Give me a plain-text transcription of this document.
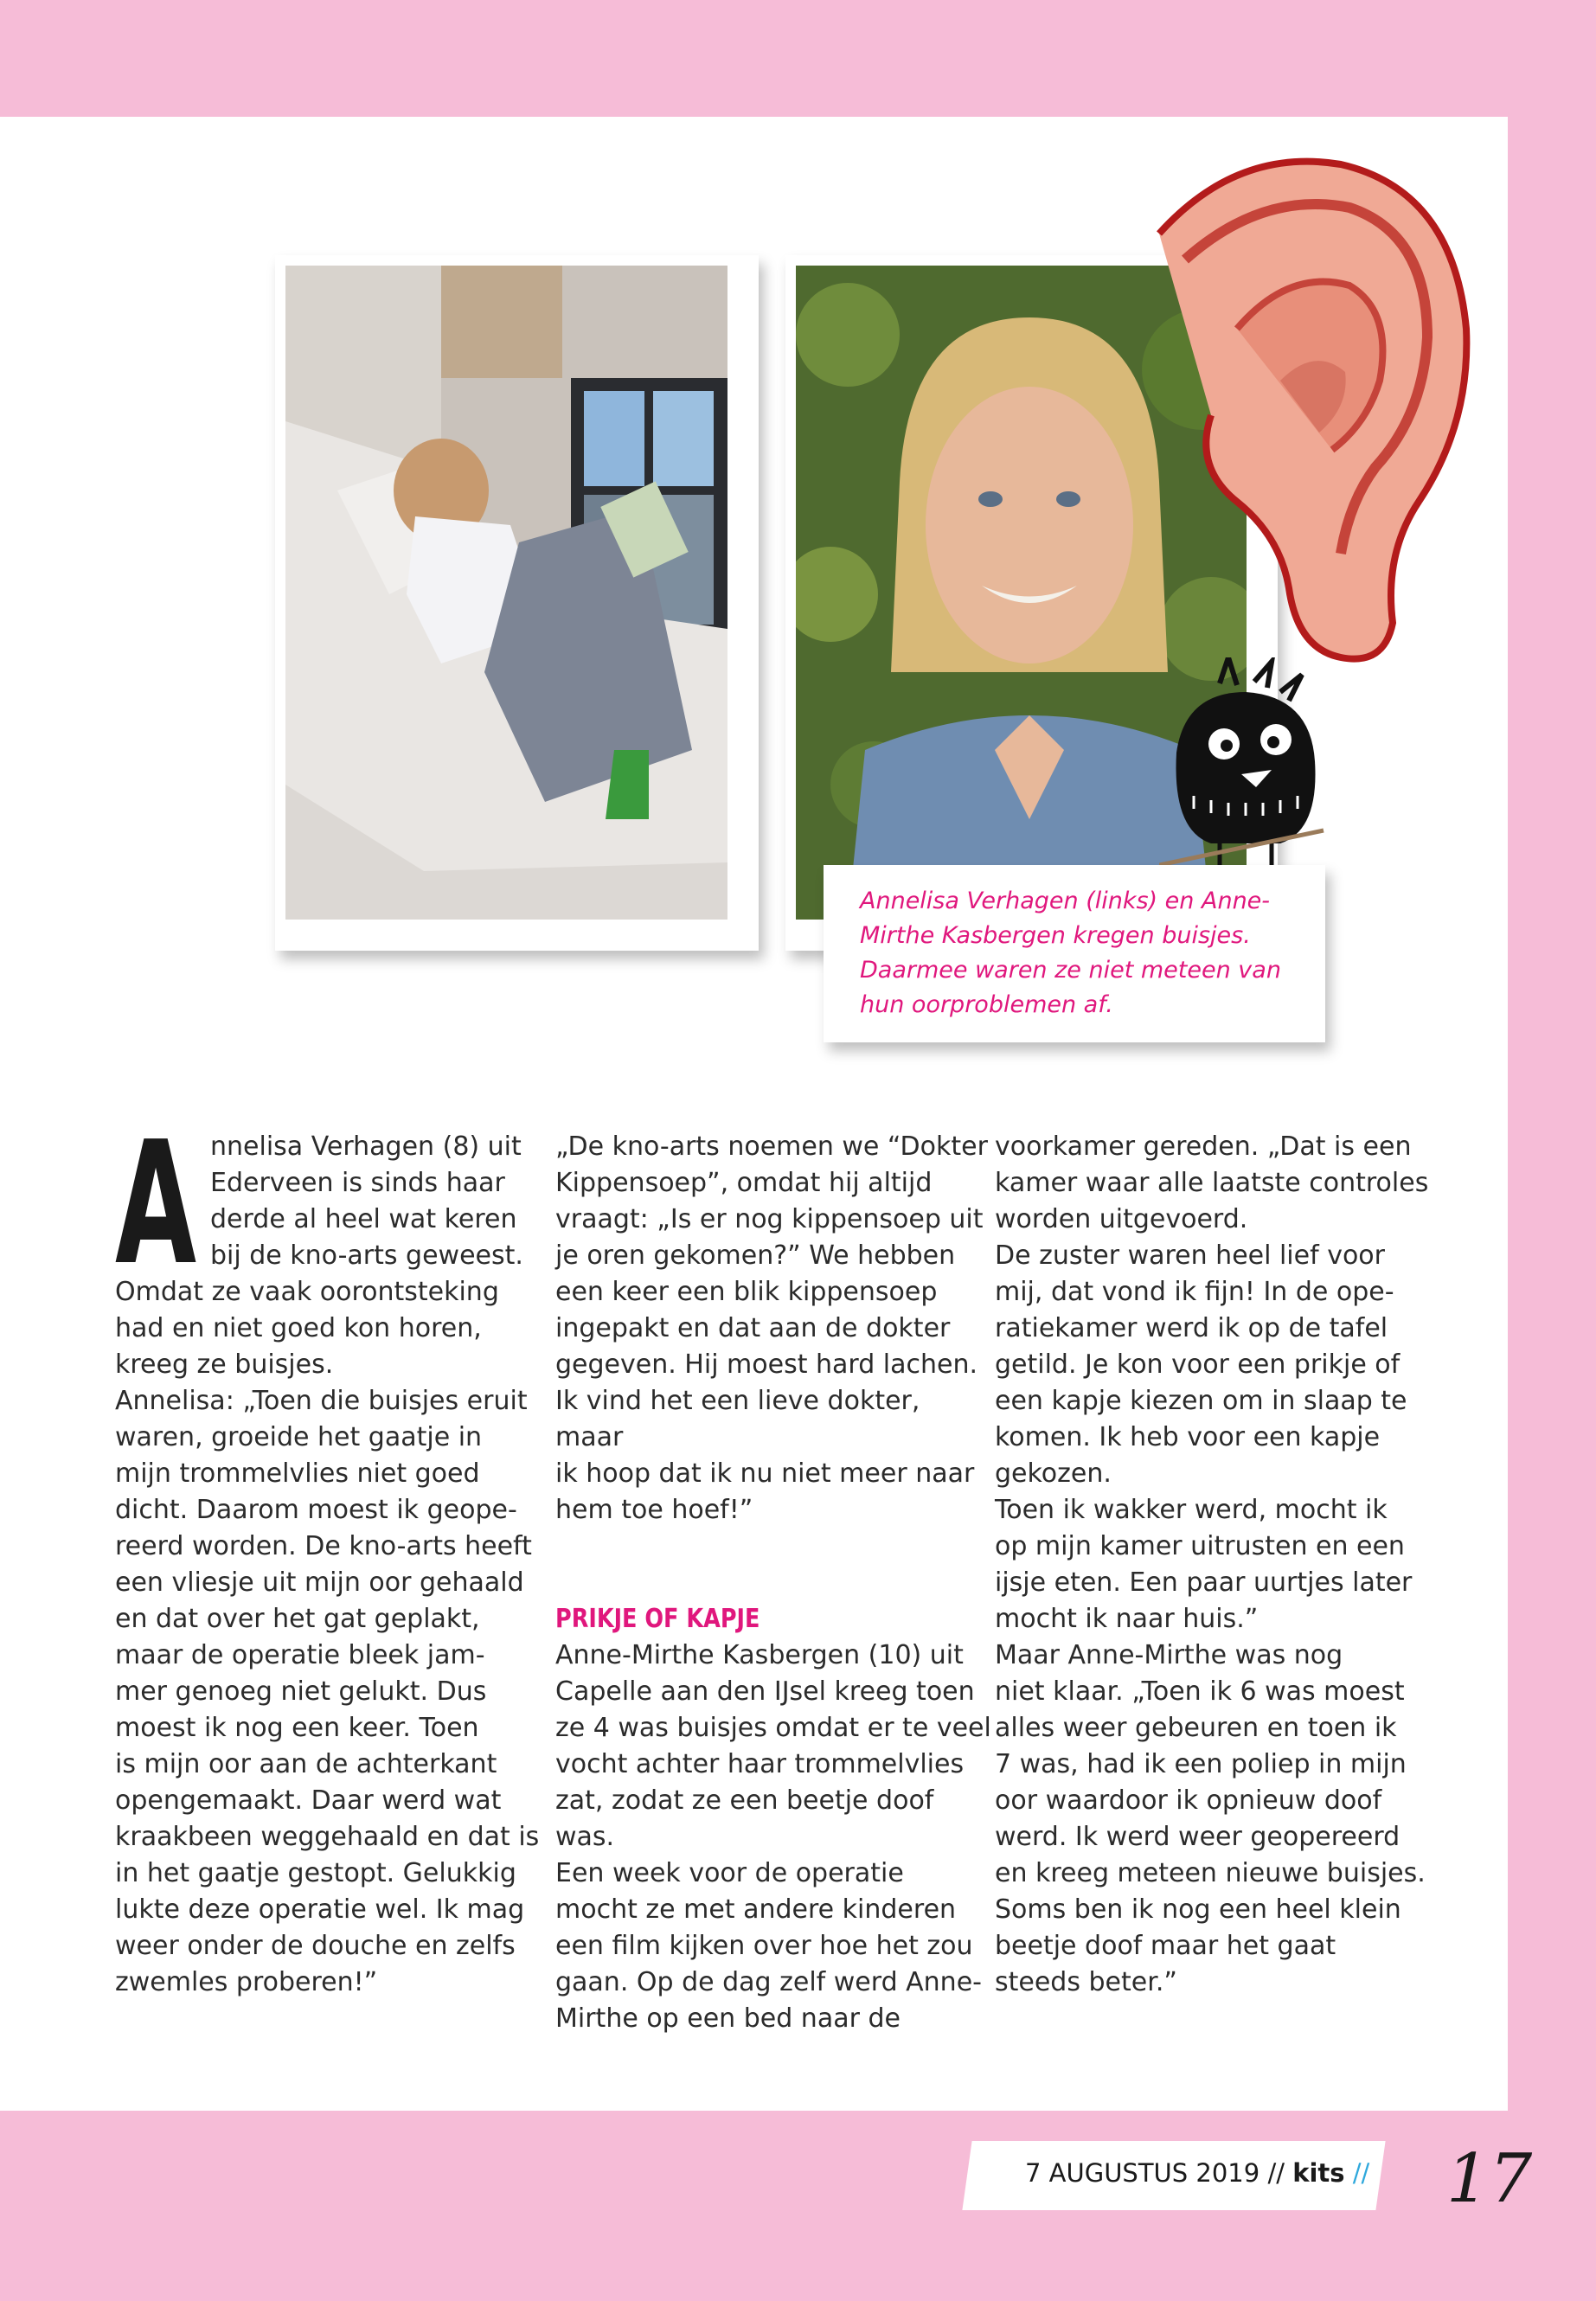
Annelisa Verhagen (links) en Anne-
Mirthe Kasbergen kregen buisjes.
Daarmee waren ze niet meteen van
hun oorproblemen af.
A nnelisa Verhagen (8) uit

Ederveen is sinds haar

derde al heel wat keren

bij de kno-arts geweest.

Omdat ze vaak oorontsteking

had en niet goed kon horen,

kreeg ze buisjes.

Annelisa: „Toen die buisjes eruit

waren, groeide het gaatje in

mijn trommelvlies niet goed

dicht. Daarom moest ik geope-

reerd worden. De kno-arts heeft

een vliesje uit mijn oor gehaald

en dat over het gat geplakt,

maar de operatie bleek jam-

mer genoeg niet gelukt. Dus

moest ik nog een keer. Toen

is mijn oor aan de achterkant

opengemaakt. Daar werd wat

kraakbeen weggehaald en dat is

in het gaatje gestopt. Gelukkig

lukte deze operatie wel. Ik mag

weer onder de douche en zelfs

zwemles proberen!”

„De kno-arts noemen we “Dokter

Kippensoep”, omdat hij altijd

vraagt: „Is er nog kippensoep uit

je oren gekomen?” We hebben

een keer een blik kippensoep

ingepakt en dat aan de dokter

gegeven. Hij moest hard lachen.

Ik vind het een lieve dokter, maar

ik hoop dat ik nu niet meer naar

hem toe hoef!”

PRIKJE OF KAPJE

Anne-Mirthe Kasbergen (10) uit

Capelle aan den IJsel kreeg toen

ze 4 was buisjes omdat er te veel

vocht achter haar trommelvlies

zat, zodat ze een beetje doof

was.

Een week voor de operatie

mocht ze met andere kinderen

een film kijken over hoe het zou

gaan. Op de dag zelf werd Anne-

Mirthe op een bed naar de

voorkamer gereden. „Dat is een

kamer waar alle laatste controles

worden uitgevoerd.

De zuster waren heel lief voor

mij, dat vond ik fijn! In de ope-

ratiekamer werd ik op de tafel

getild. Je kon voor een prikje of

een kapje kiezen om in slaap te

komen. Ik heb voor een kapje

gekozen.

Toen ik wakker werd, mocht ik

op mijn kamer uitrusten en een

ijsje eten. Een paar uurtjes later

mocht ik naar huis.”

Maar Anne-Mirthe was nog

niet klaar. „Toen ik 6 was moest

alles weer gebeuren en toen ik

7 was, had ik een poliep in mijn

oor waardoor ik opnieuw doof

werd. Ik werd weer geopereerd

en kreeg meteen nieuwe buisjes.

Soms ben ik nog een heel klein

beetje doof maar het gaat

steeds beter.”

7 AUGUSTUS 2019 // kits // 17
